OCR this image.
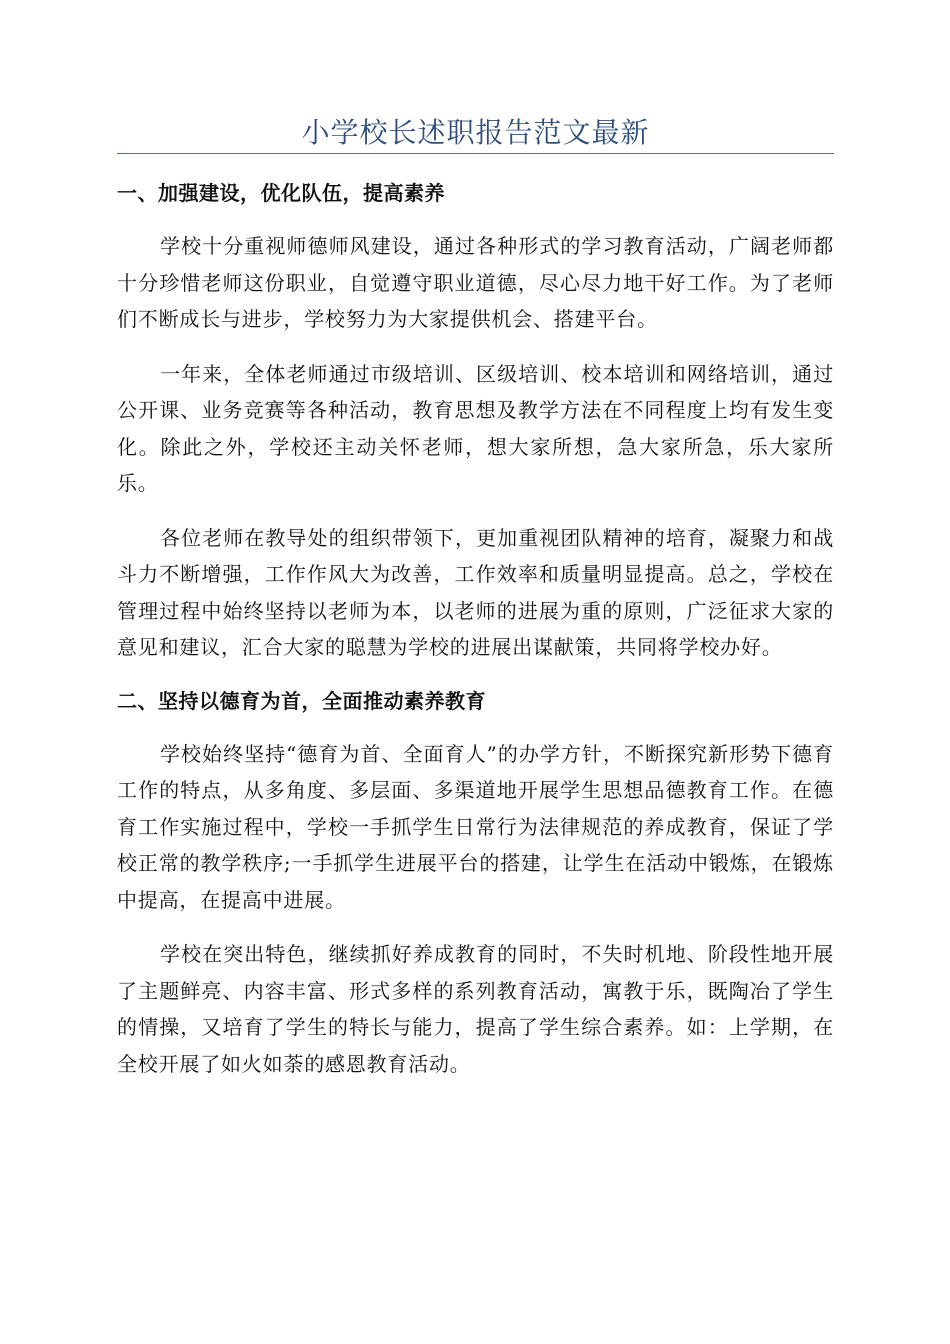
小学校长述职报告范文最新
一、加强建设，优化队伍，提高素养

学校十分重视师德师风建设，通过各种形式的学习教育活动，广阔老师都十分珍惜老师这份职业，自觉遵守职业道德，尽心尽力地干好工作。为了老师们不断成长与进步，学校努力为大家提供机会、搭建平台。

一年来，全体老师通过市级培训、区级培训、校本培训和网络培训，通过公开课、业务竞赛等各种活动，教育思想及教学方法在不同程度上均有发生变化。除此之外，学校还主动关怀老师，想大家所想，急大家所急，乐大家所乐。

各位老师在教导处的组织带领下，更加重视团队精神的培育，凝聚力和战斗力不断增强，工作作风大为改善，工作效率和质量明显提高。总之，学校在管理过程中始终坚持以老师为本，以老师的进展为重的原则，广泛征求大家的意见和建议，汇合大家的聪慧为学校的进展出谋献策，共同将学校办好。

二、坚持以德育为首，全面推动素养教育

学校始终坚持“德育为首、全面育人”的办学方针，不断探究新形势下德育工作的特点，从多角度、多层面、多渠道地开展学生思想品德教育工作。在德育工作实施过程中，学校一手抓学生日常行为法律规范的养成教育，保证了学校正常的教学秩序;一手抓学生进展平台的搭建，让学生在活动中锻炼，在锻炼中提高，在提高中进展。

学校在突出特色，继续抓好养成教育的同时，不失时机地、阶段性地开展了主题鲜亮、内容丰富、形式多样的系列教育活动，寓教于乐，既陶冶了学生的情操，又培育了学生的特长与能力，提高了学生综合素养。如：上学期，在全校开展了如火如荼的感恩教育活动。
